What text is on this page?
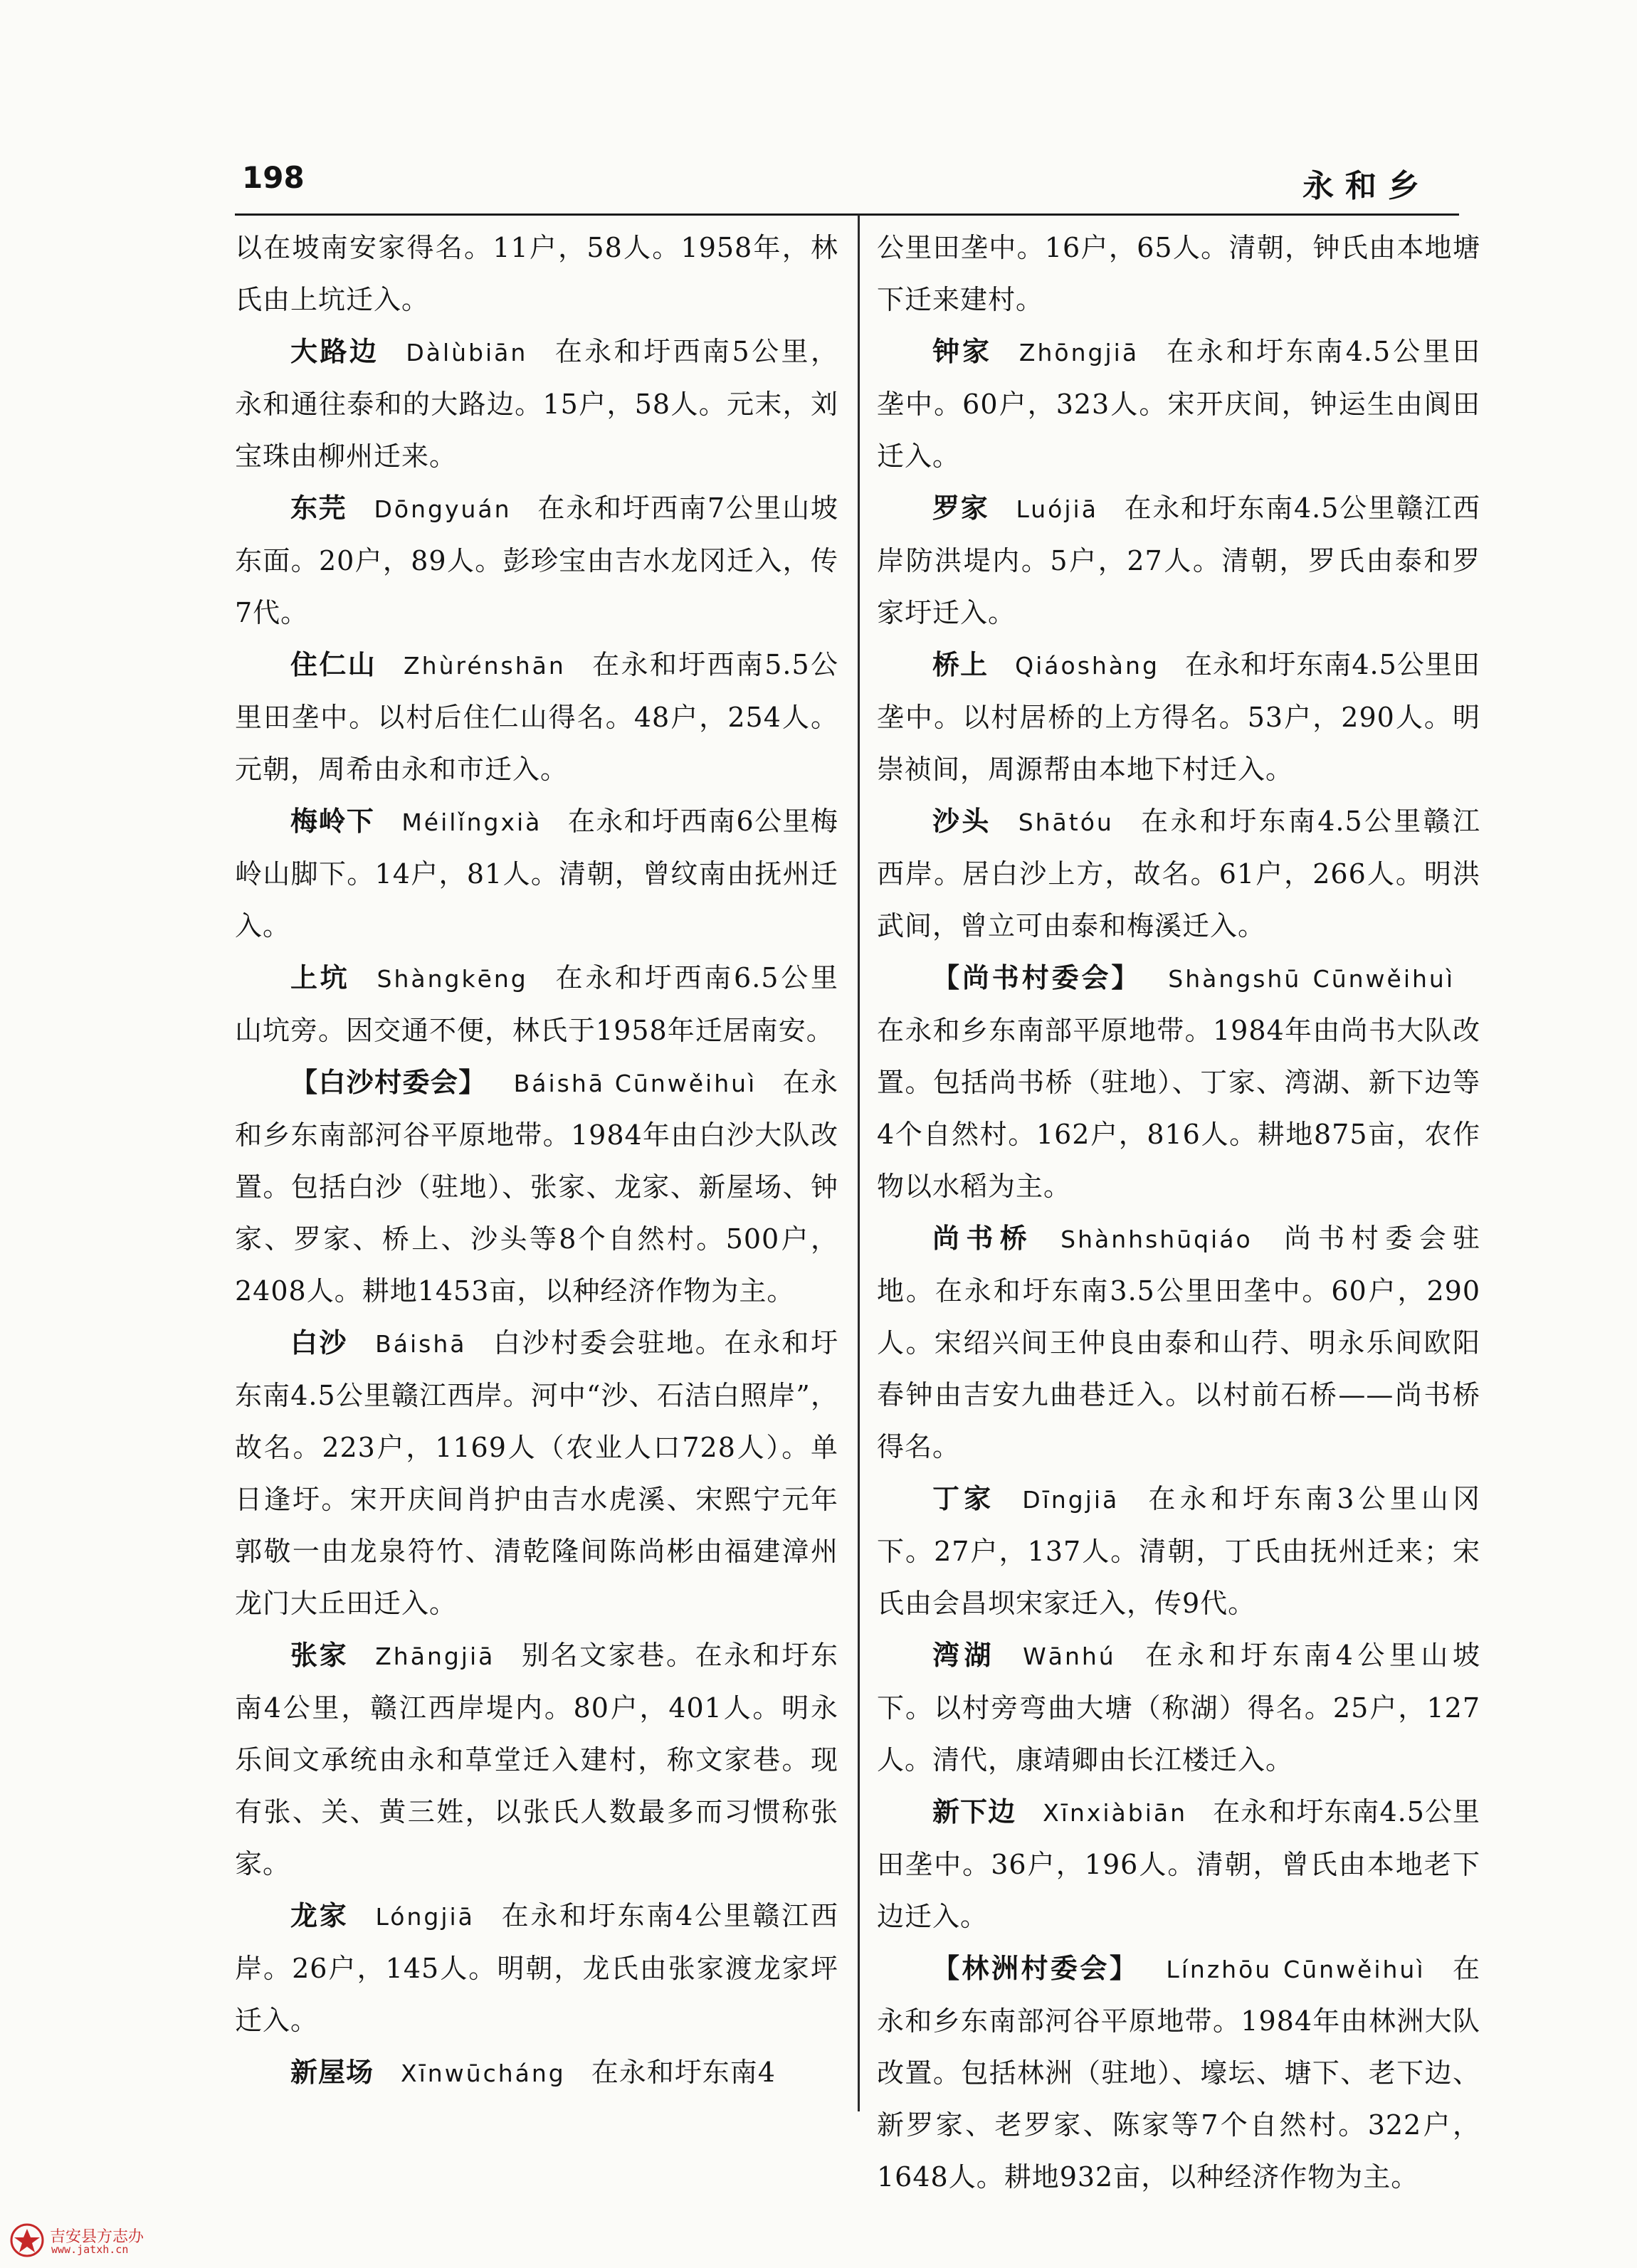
198	永和乡

以在坡南安家得名。11户，58人。1958年，林氏由上坑迁入。

大路边 Dàlùbiān 在永和圩西南5公里，永和通往泰和的大路边。15户，58人。元末，刘宝珠由柳州迁来。

东芫 Dōngyuán 在永和圩西南7公里山坡东面。20户，89人。彭珍宝由吉水龙冈迁入，传7代。

住仁山 Zhùrénshān 在永和圩西南5.5公里田垄中。以村后住仁山得名。48户，254人。元朝，周希由永和市迁入。

梅岭下 Méilǐngxià 在永和圩西南6公里梅岭山脚下。14户，81人。清朝，曾纹南由抚州迁入。

上坑 Shàngkēng 在永和圩西南6.5公里山坑旁。因交通不便，林氏于1958年迁居南安。

【白沙村委会】 Báishā Cūnwěihuì 在永和乡东南部河谷平原地带。1984年由白沙大队改置。包括白沙（驻地）、张家、龙家、新屋场、钟家、罗家、桥上、沙头等8个自然村。500户，2408人。耕地1453亩，以种经济作物为主。

白沙 Báishā 白沙村委会驻地。在永和圩东南4.5公里赣江西岸。河中“沙、石洁白照岸”，故名。223户，1169人（农业人口728人）。单日逢圩。宋开庆间肖护由吉水虎溪、宋熙宁元年郭敬一由龙泉符竹、清乾隆间陈尚彬由福建漳州龙门大丘田迁入。

张家 Zhāngjiā 别名文家巷。在永和圩东南4公里，赣江西岸堤内。80户，401人。明永乐间文承统由永和草堂迁入建村，称文家巷。现有张、关、黄三姓，以张氏人数最多而习惯称张家。

龙家 Lóngjiā 在永和圩东南4公里赣江西岸。26户，145人。明朝，龙氏由张家渡龙家坪迁入。

新屋场 Xīnwūcháng 在永和圩东南4

公里田垄中。16户，65人。清朝，钟氏由本地塘下迁来建村。

钟家 Zhōngjiā 在永和圩东南4.5公里田垄中。60户，323人。宋开庆间，钟运生由阆田迁入。

罗家 Luójiā 在永和圩东南4.5公里赣江西岸防洪堤内。5户，27人。清朝，罗氏由泰和罗家圩迁入。

桥上 Qiáoshàng 在永和圩东南4.5公里田垄中。以村居桥的上方得名。53户，290人。明崇祯间，周源帮由本地下村迁入。

沙头 Shātóu 在永和圩东南4.5公里赣江西岸。居白沙上方，故名。61户，266人。明洪武间，曾立可由泰和梅溪迁入。

【尚书村委会】 Shàngshū Cūnwěihuì在永和乡东南部平原地带。1984年由尚书大队改置。包括尚书桥（驻地）、丁家、湾湖、新下边等4个自然村。162户，816人。耕地875亩，农作物以水稻为主。

尚书桥 Shànhshūqiáo 尚书村委会驻地。在永和圩东南3.5公里田垄中。60户，290人。宋绍兴间王仲良由泰和山荇、明永乐间欧阳春钟由吉安九曲巷迁入。以村前石桥——尚书桥得名。

丁家 Dīngjiā 在永和圩东南3公里山冈下。27户，137人。清朝，丁氏由抚州迁来；宋氏由会昌坝宋家迁入，传9代。

湾湖 Wānhú 在永和圩东南4公里山坡下。以村旁弯曲大塘（称湖）得名。25户，127人。清代，康靖卿由长江楼迁入。

新下边 Xīnxiàbiān 在永和圩东南4.5公里田垄中。36户，196人。清朝，曾氏由本地老下边迁入。

【林洲村委会】 Línzhōu Cūnwěihuì 在永和乡东南部河谷平原地带。1984年由林洲大队改置。包括林洲（驻地）、壕坛、塘下、老下边、新罗家、老罗家、陈家等7个自然村。322户，1648人。耕地932亩，以种经济作物为主。

吉安县方志办
www.jatxh.cn
